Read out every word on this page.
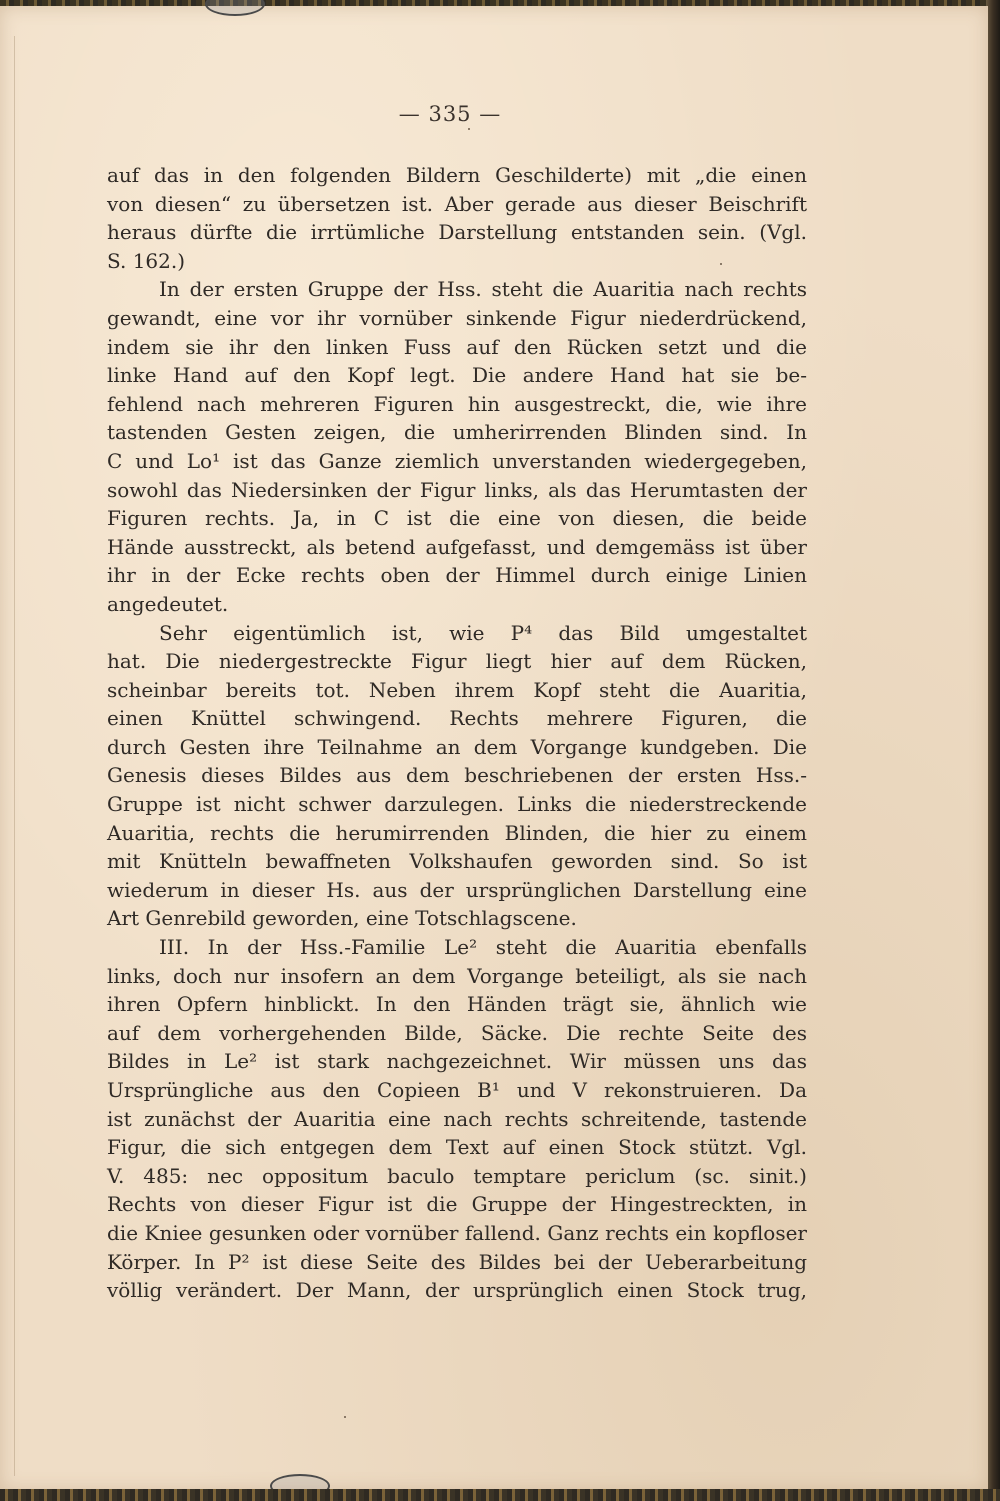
— 335 —
auf das in den folgenden Bildern Geschilderte) mit „die einen
von diesen“ zu übersetzen ist. Aber gerade aus dieser Beischrift
heraus dürfte die irrtümliche Darstellung entstanden sein. (Vgl.
S. 162.)
In der ersten Gruppe der Hss. steht die Auaritia nach rechts
gewandt, eine vor ihr vornüber sinkende Figur niederdrückend,
indem sie ihr den linken Fuss auf den Rücken setzt und die
linke Hand auf den Kopf legt. Die andere Hand hat sie be-
fehlend nach mehreren Figuren hin ausgestreckt, die, wie ihre
tastenden Gesten zeigen, die umherirrenden Blinden sind. In
C und Lo¹ ist das Ganze ziemlich unverstanden wiedergegeben,
sowohl das Niedersinken der Figur links, als das Herumtasten der
Figuren rechts. Ja, in C ist die eine von diesen, die beide
Hände ausstreckt, als betend aufgefasst, und demgemäss ist über
ihr in der Ecke rechts oben der Himmel durch einige Linien
angedeutet.
Sehr eigentümlich ist, wie P⁴ das Bild umgestaltet
hat. Die niedergestreckte Figur liegt hier auf dem Rücken,
scheinbar bereits tot. Neben ihrem Kopf steht die Auaritia,
einen Knüttel schwingend. Rechts mehrere Figuren, die
durch Gesten ihre Teilnahme an dem Vorgange kundgeben. Die
Genesis dieses Bildes aus dem beschriebenen der ersten Hss.-
Gruppe ist nicht schwer darzulegen. Links die niederstreckende
Auaritia, rechts die herumirrenden Blinden, die hier zu einem
mit Knütteln bewaffneten Volkshaufen geworden sind. So ist
wiederum in dieser Hs. aus der ursprünglichen Darstellung eine
Art Genrebild geworden, eine Totschlagscene.
III. In der Hss.-Familie Le² steht die Auaritia ebenfalls
links, doch nur insofern an dem Vorgange beteiligt, als sie nach
ihren Opfern hinblickt. In den Händen trägt sie, ähnlich wie
auf dem vorhergehenden Bilde, Säcke. Die rechte Seite des
Bildes in Le² ist stark nachgezeichnet. Wir müssen uns das
Ursprüngliche aus den Copieen B¹ und V rekonstruieren. Da
ist zunächst der Auaritia eine nach rechts schreitende, tastende
Figur, die sich entgegen dem Text auf einen Stock stützt. Vgl.
V. 485: nec oppositum baculo temptare periclum (sc. sinit.)
Rechts von dieser Figur ist die Gruppe der Hingestreckten, in
die Kniee gesunken oder vornüber fallend. Ganz rechts ein kopfloser
Körper. In P² ist diese Seite des Bildes bei der Ueberarbeitung
völlig verändert. Der Mann, der ursprünglich einen Stock trug,
